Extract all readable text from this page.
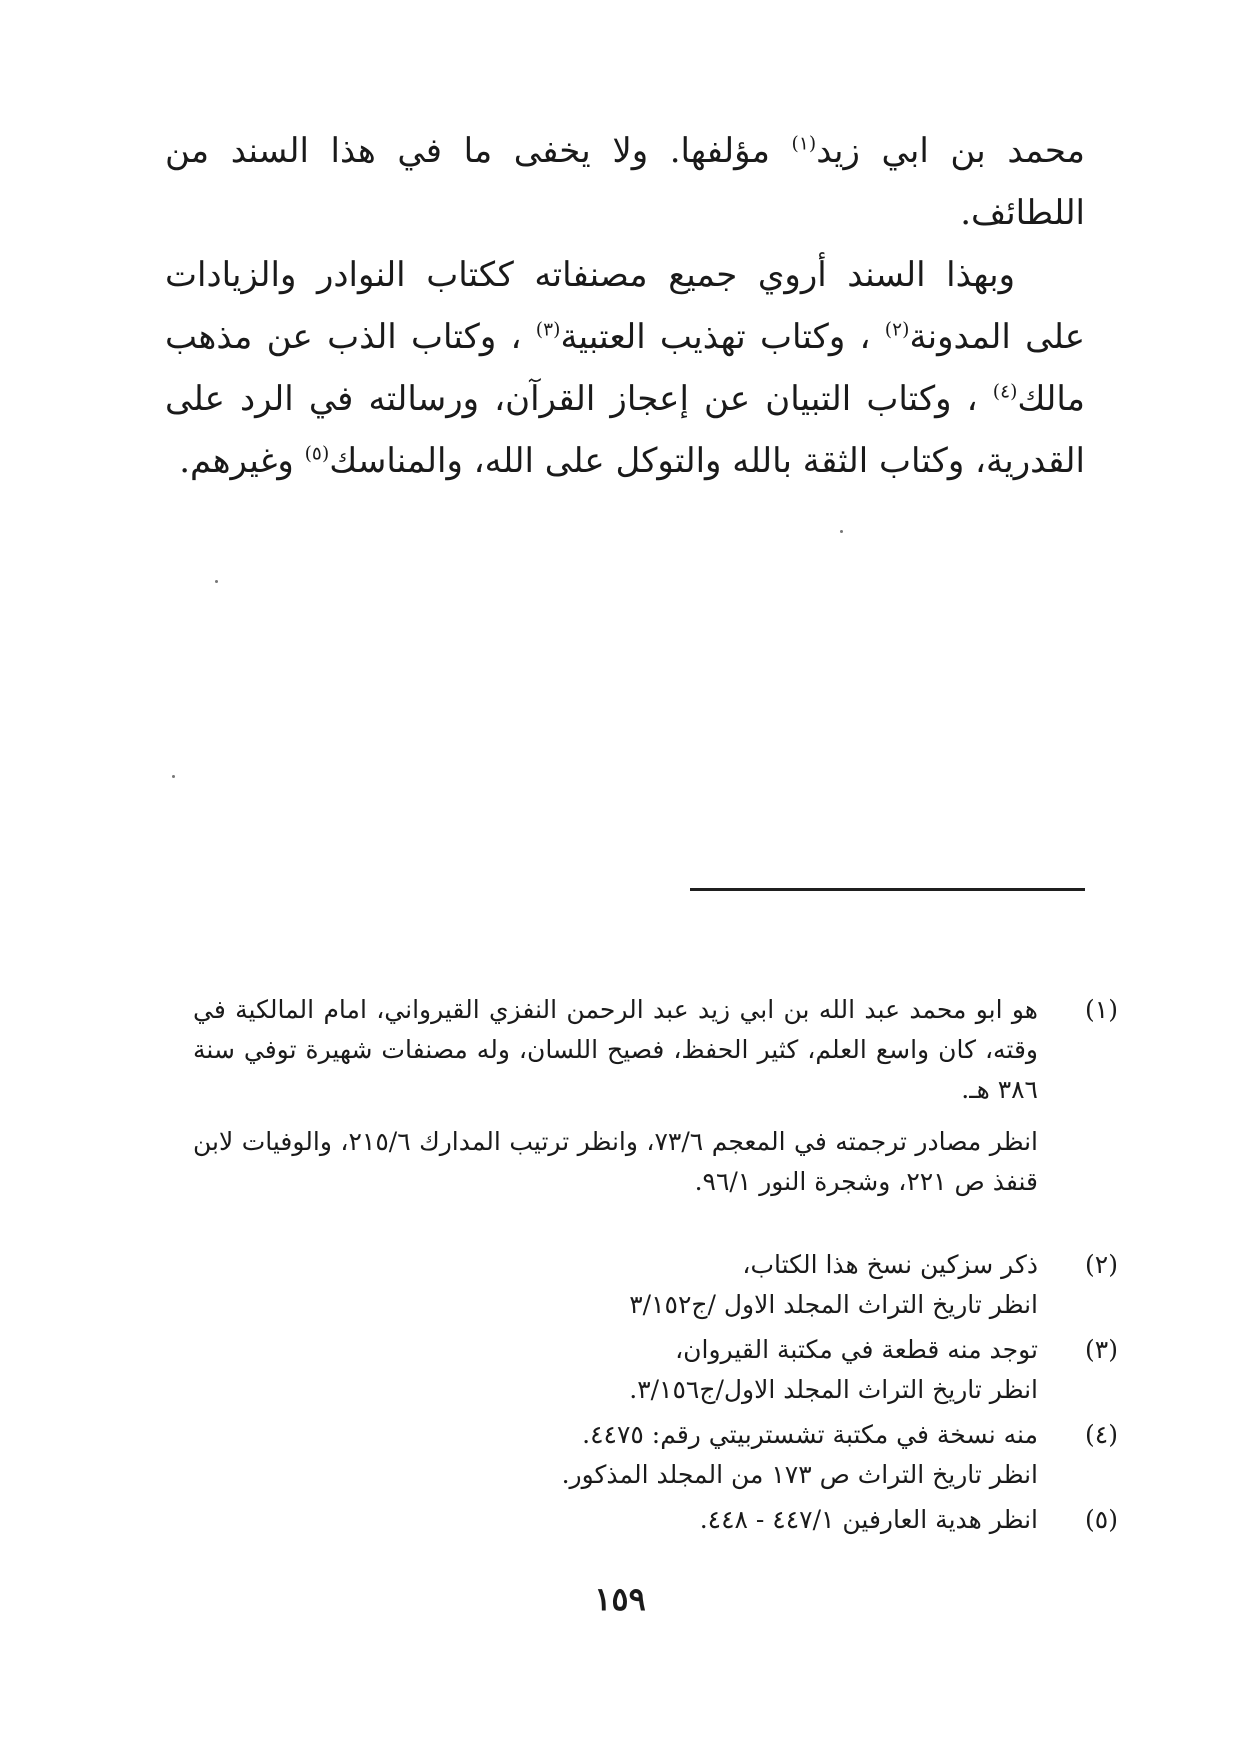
محمد بن ابي زيد$^{(١)}$ مؤلفها. ولا يخفى ما في هذا السند من اللطائف.

وبهذا السند أروي جميع مصنفاته ككتاب النوادر والزيادات على المدونة$^{(٢)}$ ، وكتاب تهذيب العتبية$^{(٣)}$ ، وكتاب الذب عن مذهب مالك$^{(٤)}$ ، وكتاب التبيان عن إعجاز القرآن، ورسالته في الرد على القدرية، وكتاب الثقة بالله والتوكل على الله، والمناسك$^{(٥)}$ وغيرهم.

(١)

هو ابو محمد عبد الله بن ابي زيد عبد الرحمن النفزي القيرواني، امام المالكية في وقته، كان واسع العلم، كثير الحفظ، فصيح اللسان، وله مصنفات شهيرة توفي سنة ٣٨٦ هـ.

انظر مصادر ترجمته في المعجم ٧٣/٦، وانظر ترتيب المدارك ٢١٥/٦، والوفيات لابن قنفذ ص ٢٢١، وشجرة النور ٩٦/١.

(٢)

ذكر سزكين نسخ هذا الكتاب،

انظر تاريخ التراث المجلد الاول /ج٣/١٥٢

(٣)

توجد منه قطعة في مكتبة القيروان،

انظر تاريخ التراث المجلد الاول/ج٣/١٥٦.

(٤)

منه نسخة في مكتبة تشستربيتي رقم: ٤٤٧٥.

انظر تاريخ التراث ص ١٧٣ من المجلد المذكور.

(٥)

انظر هدية العارفين ٤٤٧/١ - ٤٤٨.

١٥٩
